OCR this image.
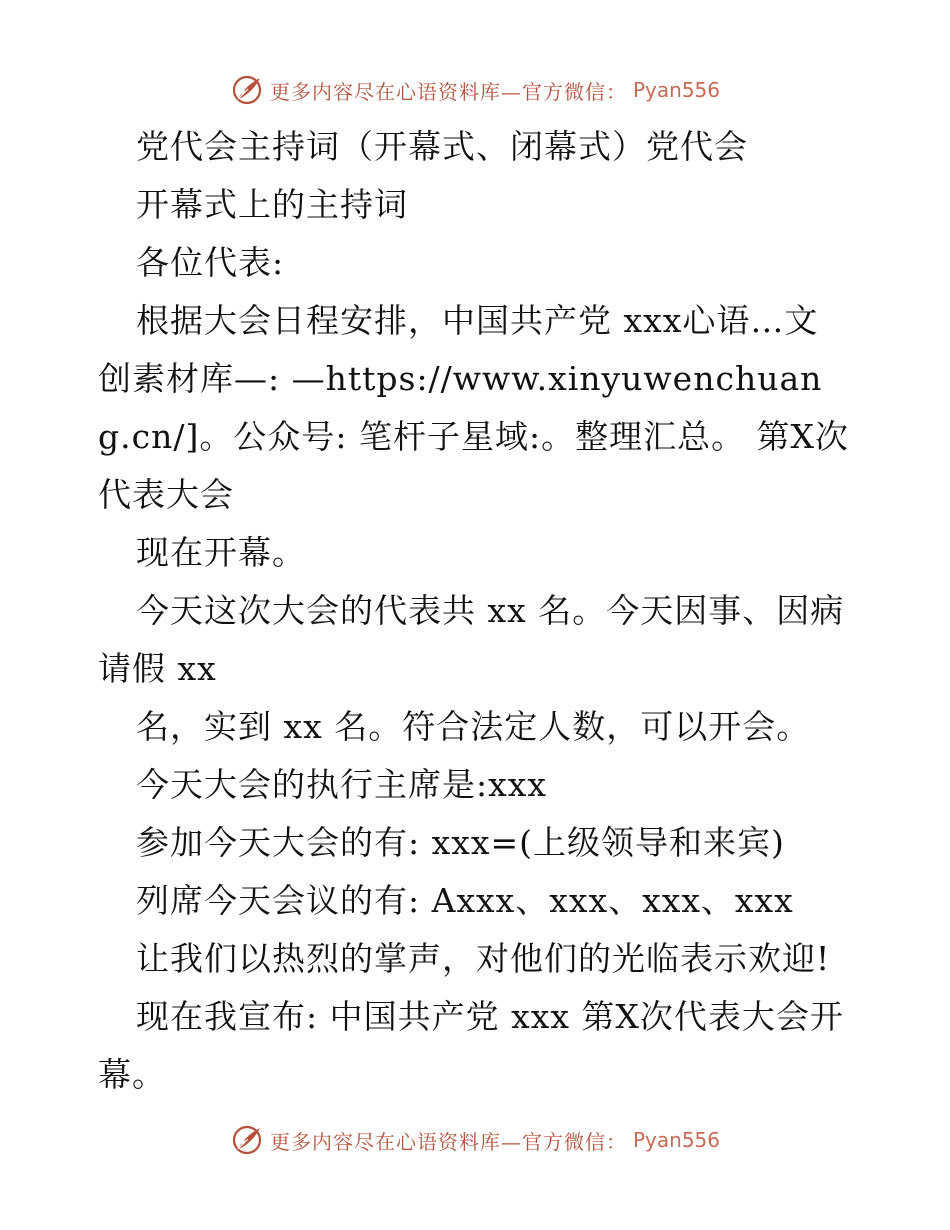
更多内容尽在心语资料库—官方微信： Pyan556

党代会主持词（开幕式、闭幕式）党代会

开幕式上的主持词

各位代表:

根据大会日程安排，中国共产党 xxx心语…文创素材库—: —https://www.xinyuwenchuang.cn/]。公众号: 笔杆子星域:。整理汇总。 第X次代表大会

现在开幕。

今天这次大会的代表共 xx 名。今天因事、因病请假 xx

名，实到 xx 名。符合法定人数，可以开会。

今天大会的执行主席是:xxx

参加今天大会的有: xxx=(上级领导和来宾)

列席今天会议的有: Axxx、xxx、xxx、xxx

让我们以热烈的掌声，对他们的光临表示欢迎!

现在我宣布: 中国共产党 xxx 第X次代表大会开幕。

更多内容尽在心语资料库—官方微信： Pyan556
